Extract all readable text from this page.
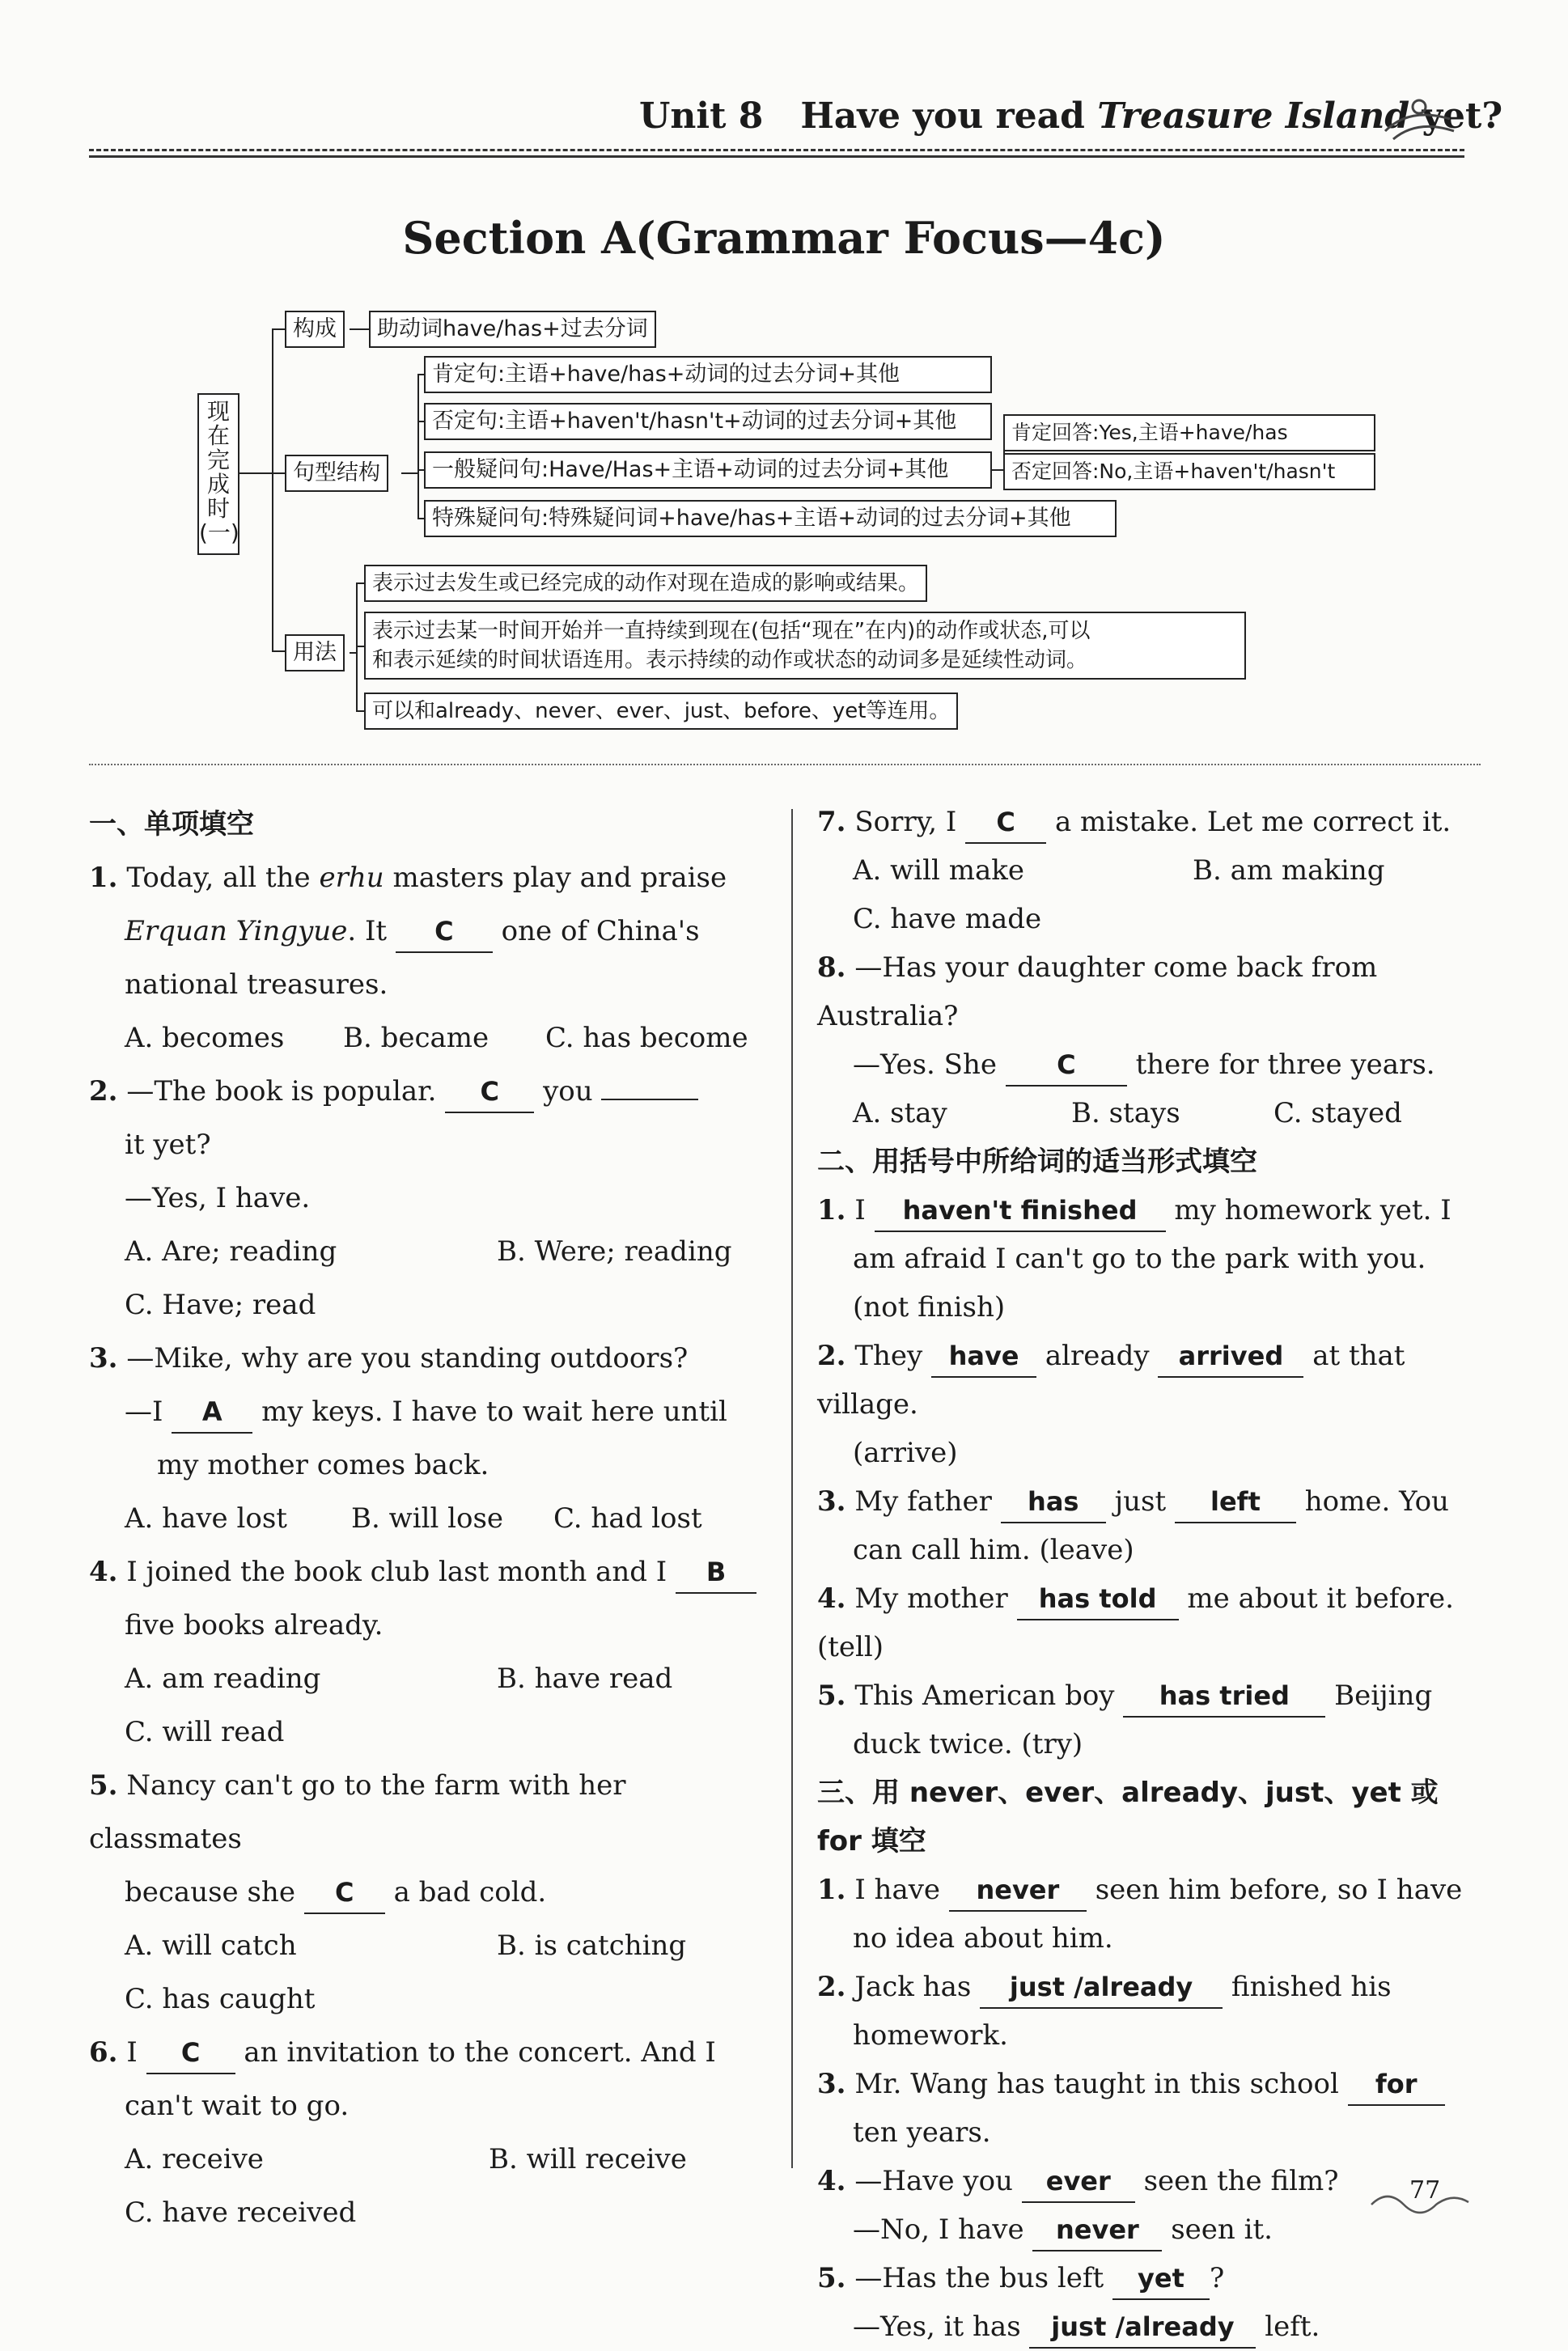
Unit 8 Have you read Treasure Island yet?
Section A(Grammar Focus—4c)
现在完成时(一)
构成	助动词have/has+过去分词
句型结构
肯定句:主语+have/has+动词的过去分词+其他
否定句:主语+haven't/hasn't+动词的过去分词+其他
一般疑问句:Have/Has+主语+动词的过去分词+其他
特殊疑问句:特殊疑问词+have/has+主语+动词的过去分词+其他
肯定回答:Yes,主语+have/has
否定回答:No,主语+haven't/hasn't
用法
表示过去发生或已经完成的动作对现在造成的影响或结果。
表示过去某一时间开始并一直持续到现在(包括“现在”在内)的动作或状态,可以
和表示延续的时间状语连用。表示持续的动作或状态的动词多是延续性动词。
可以和already、never、ever、just、before、yet等连用。
一、单项填空
1. Today, all the erhu masters play and praise
Erquan Yingyue. It C one of China's
national treasures.
A. becomes	B. became	C. has become
2. —The book is popular. C you
it yet?
—Yes, I have.
A. Are; reading	B. Were; reading
C. Have; read
3. —Mike, why are you standing outdoors?
—I A my keys. I have to wait here until
my mother comes back.
A. have lost	B. will lose	C. had lost
4. I joined the book club last month and I B
five books already.
A. am reading	B. have read
C. will read
5. Nancy can't go to the farm with her classmates
because she C a bad cold.
A. will catch	B. is catching
C. has caught
6. I C an invitation to the concert. And I
can't wait to go.
A. receive	B. will receive
C. have received
7. Sorry, I C a mistake. Let me correct it.
A. will make	B. am making
C. have made
8. —Has your daughter come back from Australia?
—Yes. She C there for three years.
A. stay	B. stays	C. stayed
二、用括号中所给词的适当形式填空
1. I haven't finished my homework yet. I
am afraid I can't go to the park with you.
(not finish)
2. They have already arrived at that village.
(arrive)
3. My father has just left home. You
can call him. (leave)
4. My mother has told me about it before. (tell)
5. This American boy has tried Beijing
duck twice. (try)
三、用 never、ever、already、just、yet 或 for 填空
1. I have never seen him before, so I have
no idea about him.
2. Jack has just /already finished his
homework.
3. Mr. Wang has taught in this school for
ten years.
4. —Have you ever seen the film?
—No, I have never seen it.
5. —Has the bus left yet ?
—Yes, it has just /already left.
77
